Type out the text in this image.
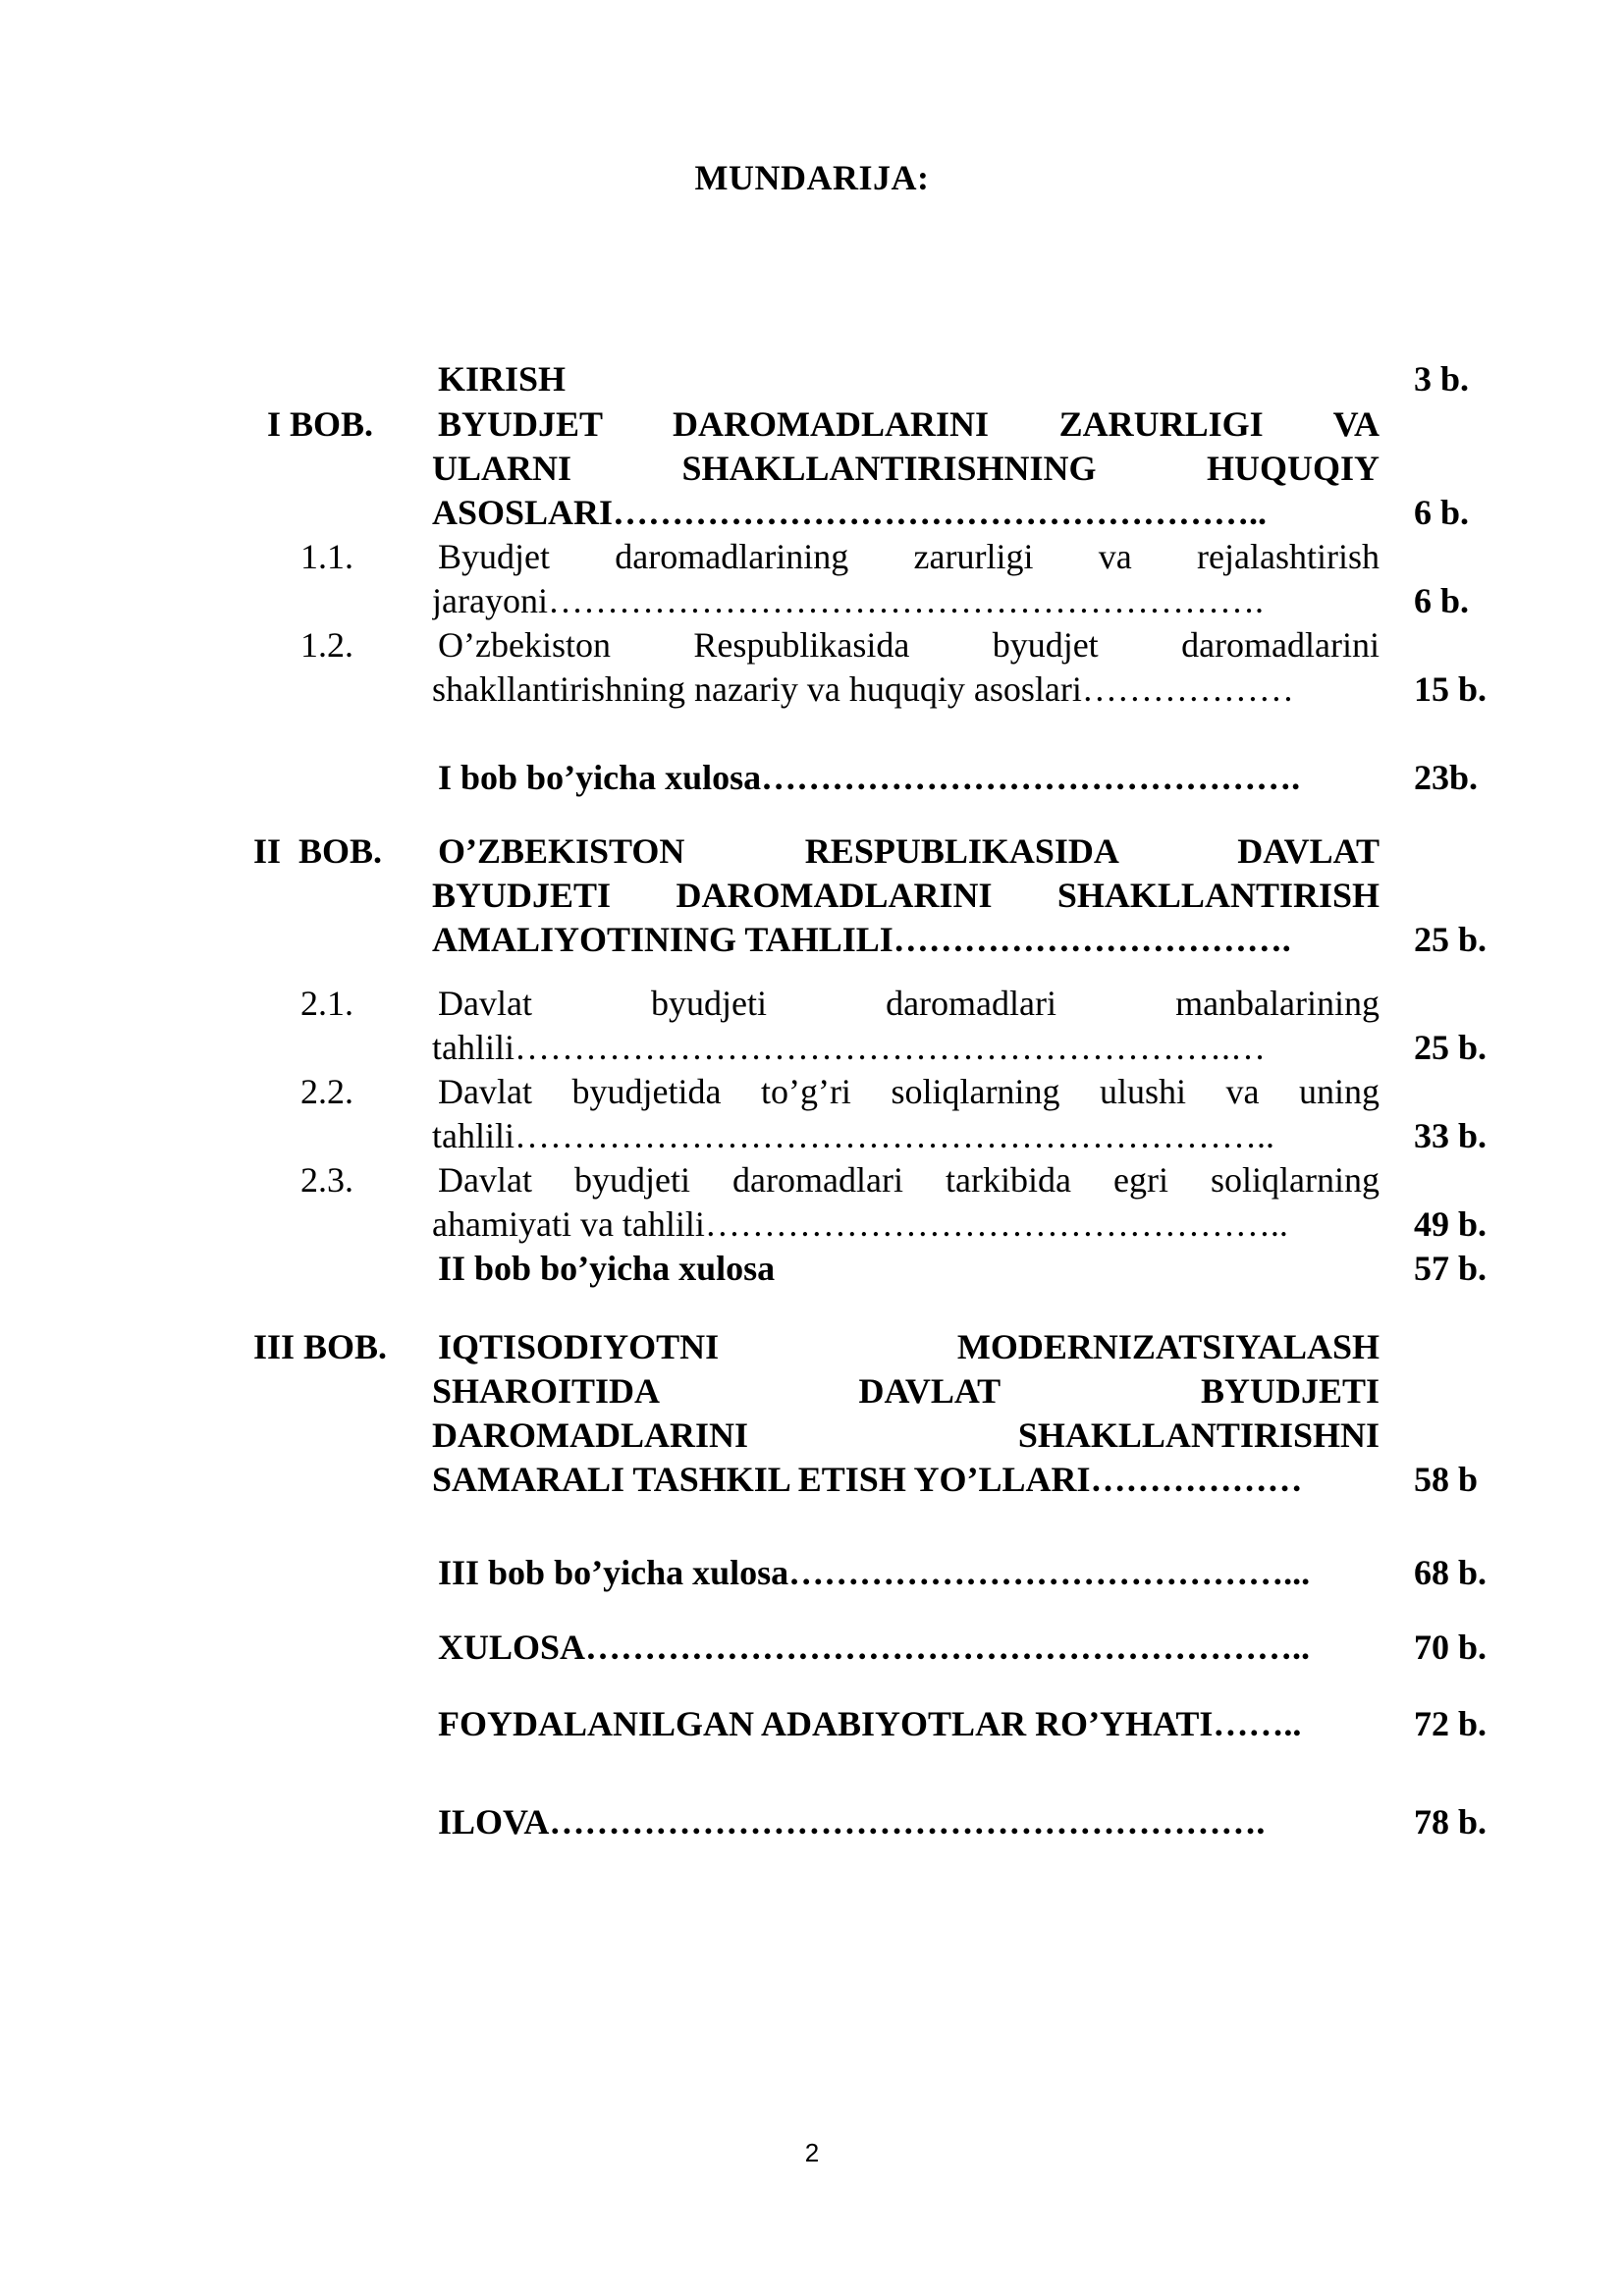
MUNDARIJA:
KIRISH	3 b.
I BOB. BYUDJET DAROMADLARINI ZARURLIGI VA
ULARNI SHAKLLANTIRISHNING HUQUQIY
ASOSLARI………………………………………………..	6 b.
1.1. Byudjet daromadlarining zarurligi va rejalashtirish
jarayoni…………………………………………………….	6 b.
1.2. O’zbekiston Respublikasida byudjet daromadlarini
shakllantirishning nazariy va huquqiy asoslari………………	15 b.
I bob bo’yicha xulosa……………………………………….	23b.
II  BOB. O’ZBEKISTON RESPUBLIKASIDA DAVLAT
BYUDJETI DAROMADLARINI SHAKLLANTIRISH
AMALIYOTINING TAHLILI…………………………….	25 b.
2.1. Davlat byudjeti daromadlari manbalarining
tahlili…………………………………………………….…	25 b.
2.2. Davlat byudjetida to’g’ri soliqlarning ulushi va uning
tahlili………………………………………………………..	33 b.
2.3. Davlat byudjeti daromadlari tarkibida egri soliqlarning
ahamiyati va tahlili…………………………………………..	49 b.
II bob bo’yicha xulosa	57 b.
III BOB. IQTISODIYOTNI MODERNIZATSIYALASH
SHAROITIDA DAVLAT BYUDJETI
DAROMADLARINI SHAKLLANTIRISHNI
SAMARALI TASHKIL ETISH YO’LLARI………………	58 b
III bob bo’yicha xulosa……………………………………...	68 b.
XULOSA……………………………………………………..	70 b.
FOYDALANILGAN ADABIYOTLAR RO’YHATI……..	72 b.
ILOVA…………………………………………………….	78 b.
2
